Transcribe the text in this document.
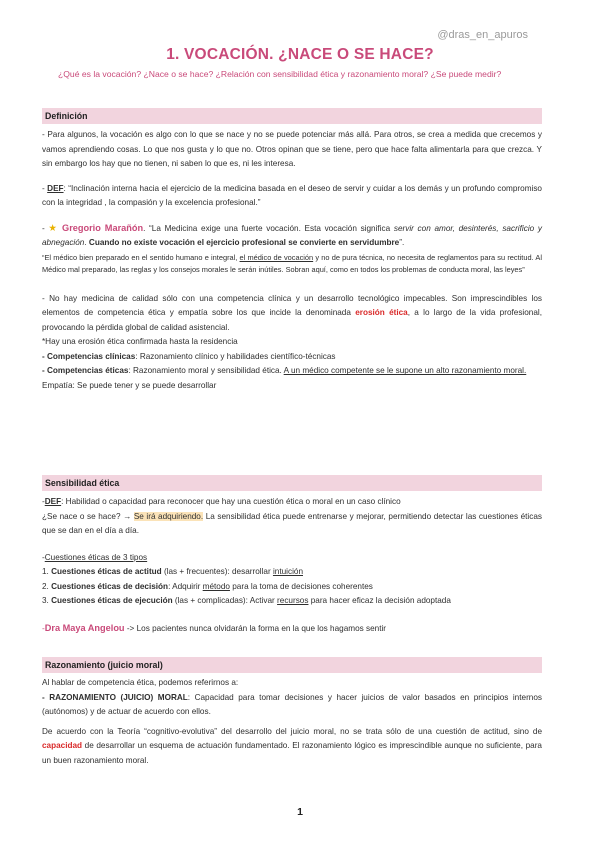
@dras_en_apuros
1. VOCACIÓN. ¿NACE O SE HACE?
¿Qué es la vocación? ¿Nace o se hace? ¿Relación con sensibilidad ética y razonamiento moral? ¿Se puede medir?
Definición

- Para algunos, la vocación es algo con lo que se nace y no se puede potenciar más allá. Para otros, se crea a medida que crecemos y vamos aprendiendo cosas. Lo que nos gusta y lo que no. Otros opinan que se tiene, pero que hace falta alimentarla para que crezca. Y sin embargo los hay que no tienen, ni saben lo que es, ni les interesa.

- DEF: “Inclinación interna hacia el ejercicio de la medicina basada en el deseo de servir y cuidar a los demás y un profundo compromiso con la integridad , la compasión y la excelencia profesional.”

- ★ Gregorio Marañón. “La Medicina exige una fuerte vocación. Esta vocación significa servir con amor, desinterés, sacrificio y abnegación. Cuando no existe vocación el ejercicio profesional se convierte en servidumbre”.

“El médico bien preparado en el sentido humano e integral, el médico de vocación y no de pura técnica, no necesita de reglamentos para su rectitud. Al Médico mal preparado, las reglas y los consejos morales le serán inútiles. Sobran aquí, como en todos los problemas de conducta moral, las leyes”

- No hay medicina de calidad sólo con una competencia clínica y un desarrollo tecnológico impecables. Son imprescindibles los elementos de competencia ética y empatía sobre los que incide la denominada erosión ética, a lo largo de la vida profesional, provocando la pérdida global de calidad asistencial.

*Hay una erosión ética confirmada hasta la residencia

- Competencias clínicas: Razonamiento clínico y habilidades científico-técnicas

- Competencias éticas: Razonamiento moral y sensibilidad ética. A un médico competente se le supone un alto razonamiento moral.

Empatía: Se puede tener y se puede desarrollar

Sensibilidad ética

-DEF: Habilidad o capacidad para reconocer que hay una cuestión ética o moral en un caso clínico

¿Se nace o se hace? → Se irá adquiriendo. La sensibilidad ética puede entrenarse y mejorar, permitiendo detectar las cuestiones éticas que se dan en el día a día.

-Cuestiones éticas de 3 tipos

1. Cuestiones éticas de actitud (las + frecuentes): desarrollar intuición

2. Cuestiones éticas de decisión: Adquirir método para la toma de decisiones coherentes

3. Cuestiones éticas de ejecución (las + complicadas): Activar recursos para hacer eficaz la decisión adoptada

-Dra Maya Angelou -> Los pacientes nunca olvidarán la forma en la que los hagamos sentir

Razonamiento (juicio moral)

Al hablar de competencia ética, podemos referirnos a:

- RAZONAMIENTO (JUICIO) MORAL: Capacidad para tomar decisiones y hacer juicios de valor basados en principios internos (autónomos) y de actuar de acuerdo con ellos.

De acuerdo con la Teoría “cognitivo-evolutiva” del desarrollo del juicio moral, no se trata sólo de una cuestión de actitud, sino de capacidad de desarrollar un esquema de actuación fundamentado. El razonamiento lógico es imprescindible aunque no suficiente, para un buen razonamiento moral.

1
